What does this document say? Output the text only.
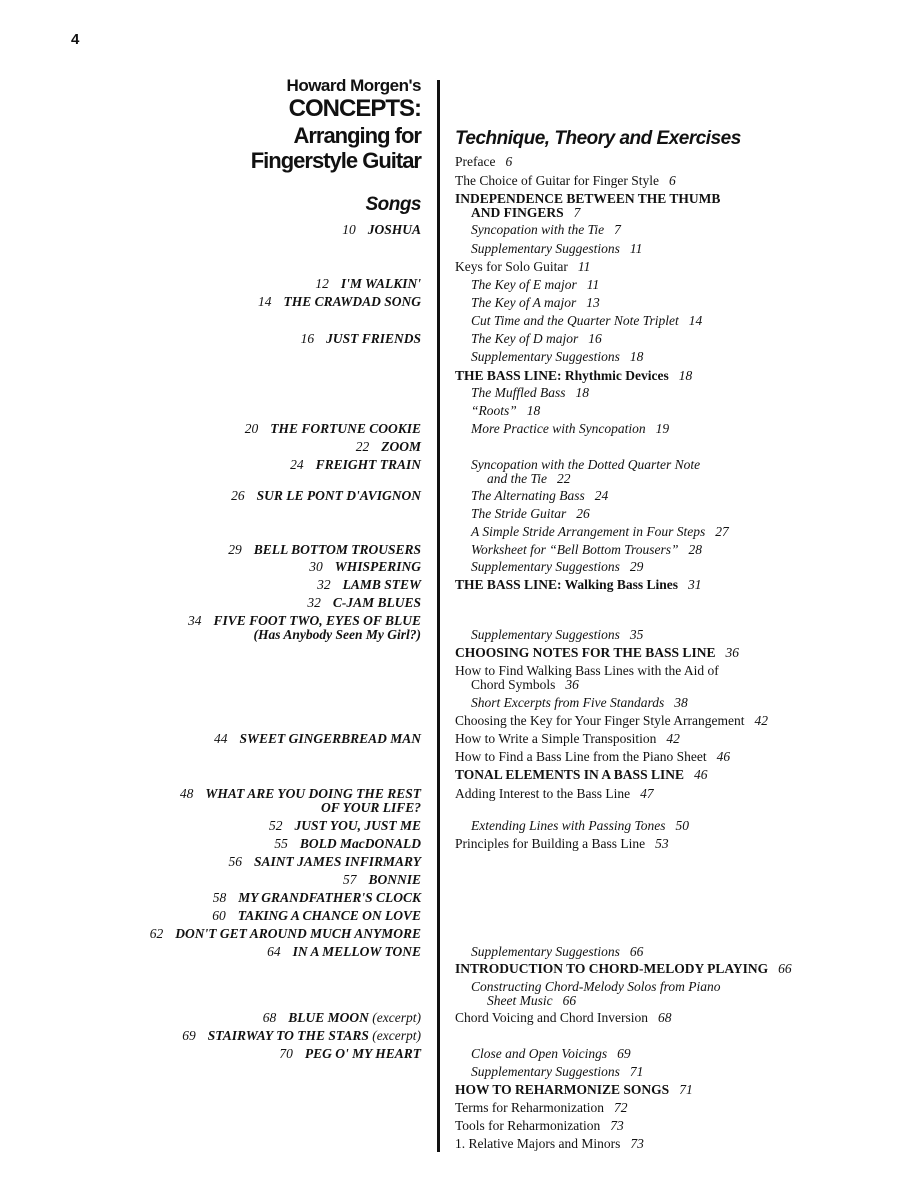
4
Howard Morgen's
CONCEPTS:
Arranging for
Fingerstyle Guitar
Songs
10 JOSHUA
12 I'M WALKIN'
14 THE CRAWDAD SONG
16 JUST FRIENDS
20 THE FORTUNE COOKIE
22 ZOOM
24 FREIGHT TRAIN
26 SUR LE PONT D'AVIGNON
29 BELL BOTTOM TROUSERS
30 WHISPERING
32 LAMB STEW
32 C-JAM BLUES
34 FIVE FOOT TWO, EYES OF BLUE
(Has Anybody Seen My Girl?)
44 SWEET GINGERBREAD MAN
48 WHAT ARE YOU DOING THE REST
OF YOUR LIFE?
52 JUST YOU, JUST ME
55 BOLD MacDONALD
56 SAINT JAMES INFIRMARY
57 BONNIE
58 MY GRANDFATHER'S CLOCK
60 TAKING A CHANCE ON LOVE
62 DON'T GET AROUND MUCH ANYMORE
64 IN A MELLOW TONE
68 BLUE MOON (excerpt)
69 STAIRWAY TO THE STARS (excerpt)
70 PEG O' MY HEART
Technique, Theory and Exercises
Preface 6
The Choice of Guitar for Finger Style 6
INDEPENDENCE BETWEEN THE THUMB
AND FINGERS 7
Syncopation with the Tie 7
Supplementary Suggestions 11
Keys for Solo Guitar 11
The Key of E major 11
The Key of A major 13
Cut Time and the Quarter Note Triplet 14
The Key of D major 16
Supplementary Suggestions 18
THE BASS LINE: Rhythmic Devices 18
The Muffled Bass 18
“Roots” 18
More Practice with Syncopation 19
Syncopation with the Dotted Quarter Note
and the Tie 22
The Alternating Bass 24
The Stride Guitar 26
A Simple Stride Arrangement in Four Steps 27
Worksheet for “Bell Bottom Trousers” 28
Supplementary Suggestions 29
THE BASS LINE: Walking Bass Lines 31
Supplementary Suggestions 35
CHOOSING NOTES FOR THE BASS LINE 36
How to Find Walking Bass Lines with the Aid of
Chord Symbols 36
Short Excerpts from Five Standards 38
Choosing the Key for Your Finger Style Arrangement 42
How to Write a Simple Transposition 42
How to Find a Bass Line from the Piano Sheet 46
TONAL ELEMENTS IN A BASS LINE 46
Adding Interest to the Bass Line 47
Extending Lines with Passing Tones 50
Principles for Building a Bass Line 53
Supplementary Suggestions 66
INTRODUCTION TO CHORD-MELODY PLAYING 66
Constructing Chord-Melody Solos from Piano
Sheet Music 66
Chord Voicing and Chord Inversion 68
Close and Open Voicings 69
Supplementary Suggestions 71
HOW TO REHARMONIZE SONGS 71
Terms for Reharmonization 72
Tools for Reharmonization 73
1. Relative Majors and Minors 73
